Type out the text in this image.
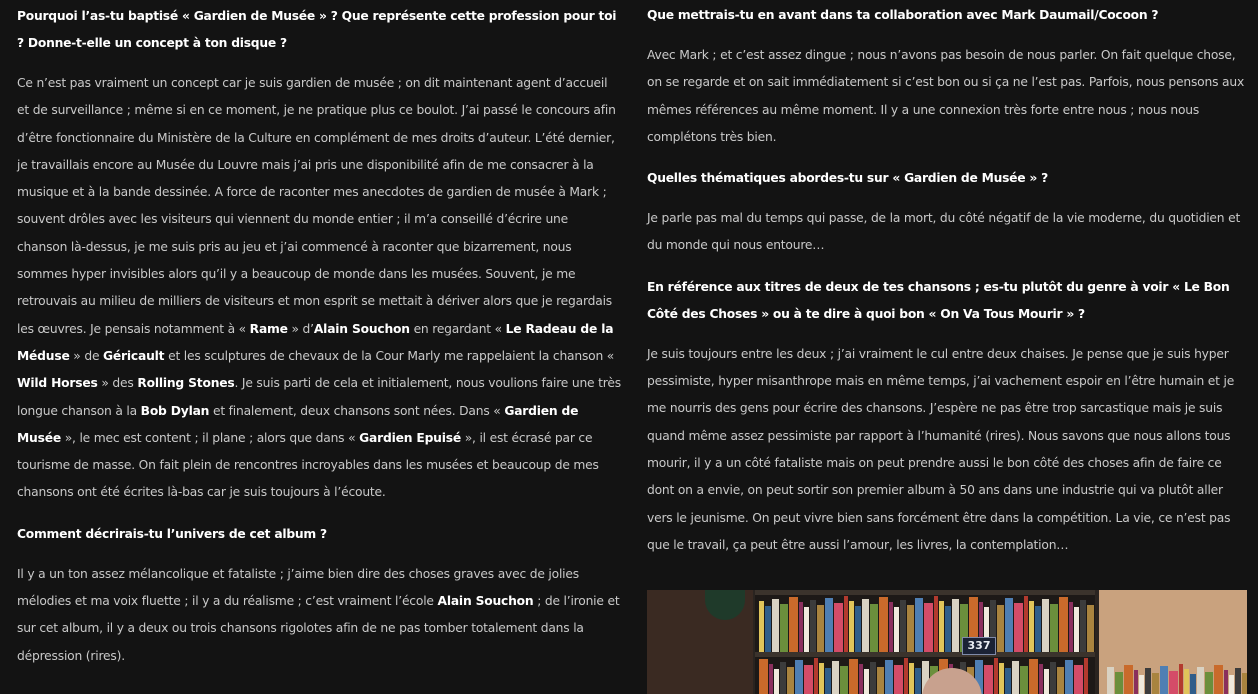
Pourquoi l’as-tu baptisé « Gardien de Musée » ? Que représente cette profession pour toi ? Donne-t-elle un concept à ton disque ?

Ce n’est pas vraiment un concept car je suis gardien de musée ; on dit maintenant agent d’accueil et de surveillance ; même si en ce moment, je ne pratique plus ce boulot. J’ai passé le concours afin d’être fonctionnaire du Ministère de la Culture en complément de mes droits d’auteur. L’été dernier, je travaillais encore au Musée du Louvre mais j’ai pris une disponibilité afin de me consacrer à la musique et à la bande dessinée. A force de raconter mes anecdotes de gardien de musée à Mark ; souvent drôles avec les visiteurs qui viennent du monde entier ; il m’a conseillé d’écrire une chanson là-dessus, je me suis pris au jeu et j’ai commencé à raconter que bizarrement, nous sommes hyper invisibles alors qu’il y a beaucoup de monde dans les musées. Souvent, je me retrouvais au milieu de milliers de visiteurs et mon esprit se mettait à dériver alors que je regardais les œuvres. Je pensais notamment à « Rame » d’Alain Souchon en regardant « Le Radeau de la Méduse » de Géricault et les sculptures de chevaux de la Cour Marly me rappelaient la chanson « Wild Horses » des Rolling Stones. Je suis parti de cela et initialement, nous voulions faire une très longue chanson à la Bob Dylan et finalement, deux chansons sont nées. Dans « Gardien de Musée », le mec est content ; il plane ; alors que dans « Gardien Epuisé », il est écrasé par ce tourisme de masse. On fait plein de rencontres incroyables dans les musées et beaucoup de mes chansons ont été écrites là-bas car je suis toujours à l’écoute.

Comment décrirais-tu l’univers de cet album ?

Il y a un ton assez mélancolique et fataliste ; j’aime bien dire des choses graves avec de jolies mélodies et ma voix fluette ; il y a du réalisme ; c’est vraiment l’école Alain Souchon ; de l’ironie et sur cet album, il y a deux ou trois chansons rigolotes afin de ne pas tomber totalement dans la dépression (rires).

Que mettrais-tu en avant dans ta collaboration avec Mark Daumail/Cocoon ?

Avec Mark ; et c’est assez dingue ; nous n’avons pas besoin de nous parler. On fait quelque chose, on se regarde et on sait immédiatement si c’est bon ou si ça ne l’est pas. Parfois, nous pensons aux mêmes références au même moment. Il y a une connexion très forte entre nous ; nous nous complétons très bien.

Quelles thématiques abordes-tu sur « Gardien de Musée » ?

Je parle pas mal du temps qui passe, de la mort, du côté négatif de la vie moderne, du quotidien et du monde qui nous entoure…

En référence aux titres de deux de tes chansons ; es-tu plutôt du genre à voir « Le Bon Côté des Choses » ou à te dire à quoi bon « On Va Tous Mourir » ?

Je suis toujours entre les deux ; j’ai vraiment le cul entre deux chaises. Je pense que je suis hyper pessimiste, hyper misanthrope mais en même temps, j’ai vachement espoir en l’être humain et je me nourris des gens pour écrire des chansons. J’espère ne pas être trop sarcastique mais je suis quand même assez pessimiste par rapport à l’humanité (rires). Nous savons que nous allons tous mourir, il y a un côté fataliste mais on peut prendre aussi le bon côté des choses afin de faire ce dont on a envie, on peut sortir son premier album à 50 ans dans une industrie qui va plutôt aller vers le jeunisme. On peut vivre bien sans forcément être dans la compétition. La vie, ce n’est pas que le travail, ça peut être aussi l’amour, les livres, la contemplation…

337
